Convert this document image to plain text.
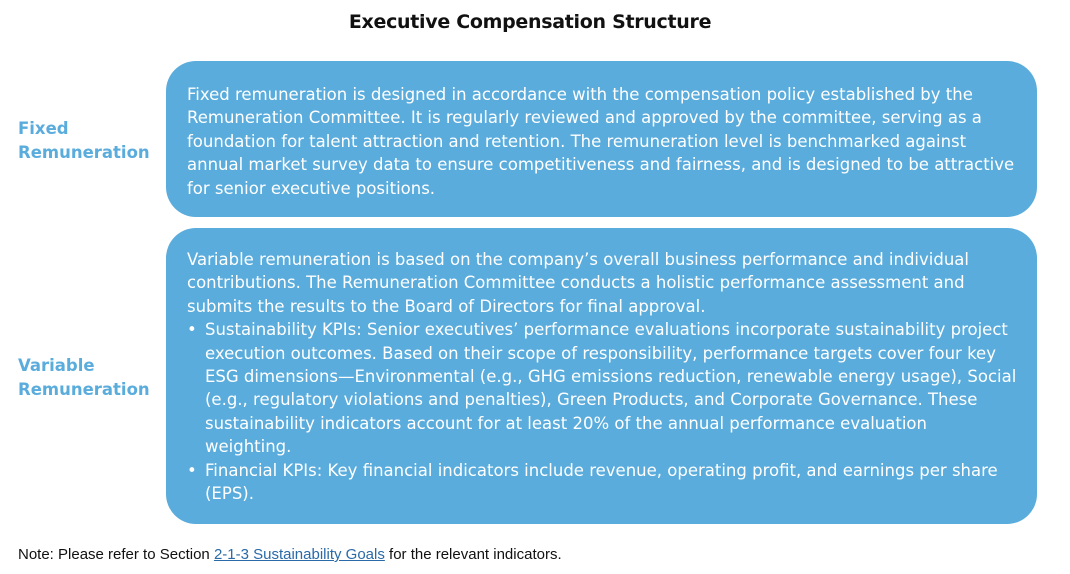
Executive Compensation Structure
Fixed
Remuneration

Fixed remuneration is designed in accordance with the compensation policy established by the Remuneration Committee. It is regularly reviewed and approved by the committee, serving as a foundation for talent attraction and retention. The remuneration level is benchmarked against annual market survey data to ensure competitiveness and fairness, and is designed to be attractive for senior executive positions.

Variable
Remuneration

Variable remuneration is based on the company’s overall business performance and individual contributions. The Remuneration Committee conducts a holistic performance assessment and submits the results to the Board of Directors for final approval.

• Sustainability KPIs: Senior executives’ performance evaluations incorporate sustainability project execution outcomes. Based on their scope of responsibility, performance targets cover four key ESG dimensions—Environmental (e.g., GHG emissions reduction, renewable energy usage), Social (e.g., regulatory violations and penalties), Green Products, and Corporate Governance. These sustainability indicators account for at least 20% of the annual performance evaluation weighting.
• Financial KPIs: Key financial indicators include revenue, operating profit, and earnings per share (EPS).
Note: Please refer to Section 2-1-3 Sustainability Goals for the relevant indicators.
